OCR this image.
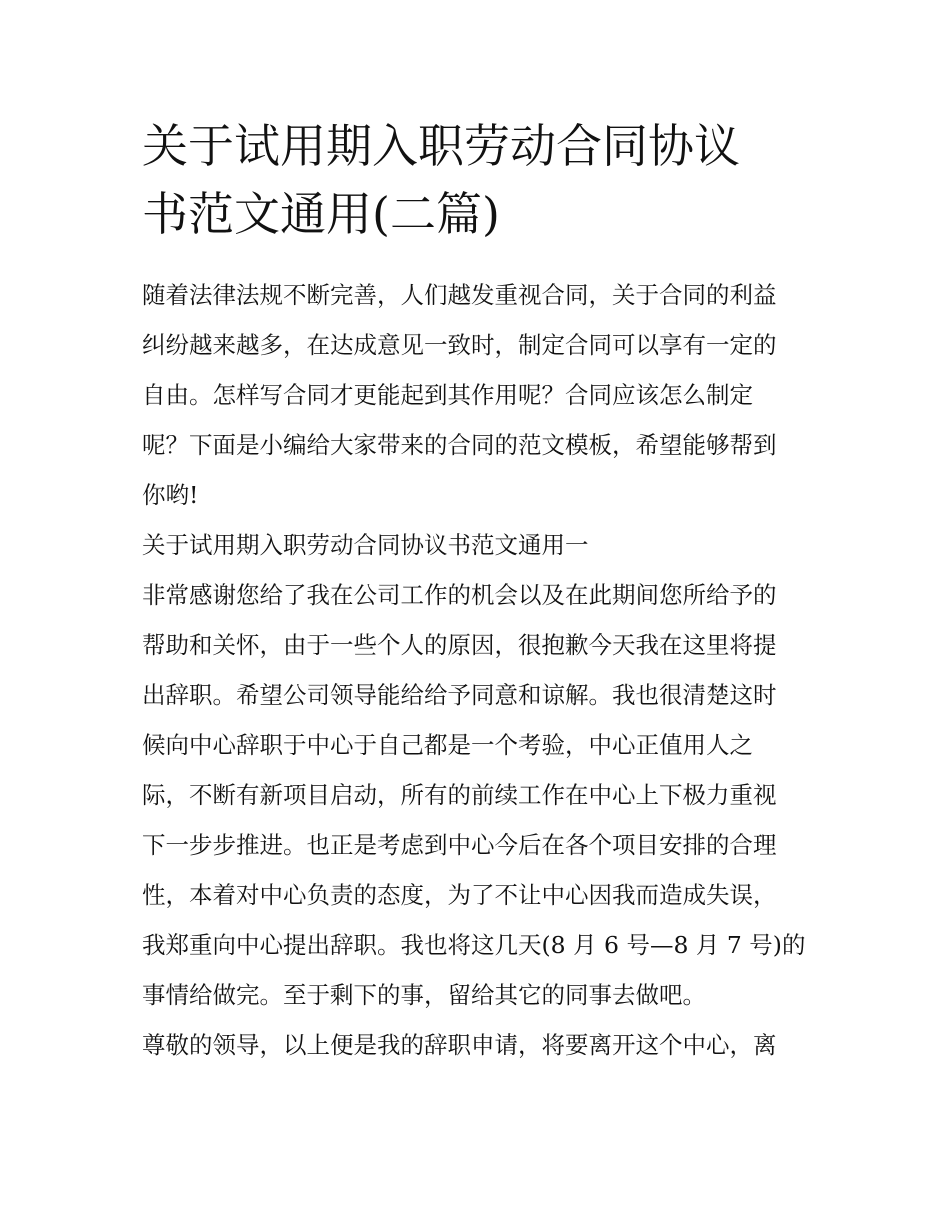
关于试用期入职劳动合同协议
书范文通用(二篇)
随着法律法规不断完善，人们越发重视合同，关于合同的利益
纠纷越来越多，在达成意见一致时，制定合同可以享有一定的
自由。怎样写合同才更能起到其作用呢？合同应该怎么制定
呢？下面是小编给大家带来的合同的范文模板，希望能够帮到
你哟!
关于试用期入职劳动合同协议书范文通用一
非常感谢您给了我在公司工作的机会以及在此期间您所给予的
帮助和关怀，由于一些个人的原因，很抱歉今天我在这里将提
出辞职。希望公司领导能给给予同意和谅解。我也很清楚这时
候向中心辞职于中心于自己都是一个考验，中心正值用人之
际，不断有新项目启动，所有的前续工作在中心上下极力重视
下一步步推进。也正是考虑到中心今后在各个项目安排的合理
性，本着对中心负责的态度，为了不让中心因我而造成失误，
我郑重向中心提出辞职。我也将这几天(8 月 6 号—8 月 7 号)的
事情给做完。至于剩下的事，留给其它的同事去做吧。
尊敬的领导，以上便是我的辞职申请，将要离开这个中心，离
